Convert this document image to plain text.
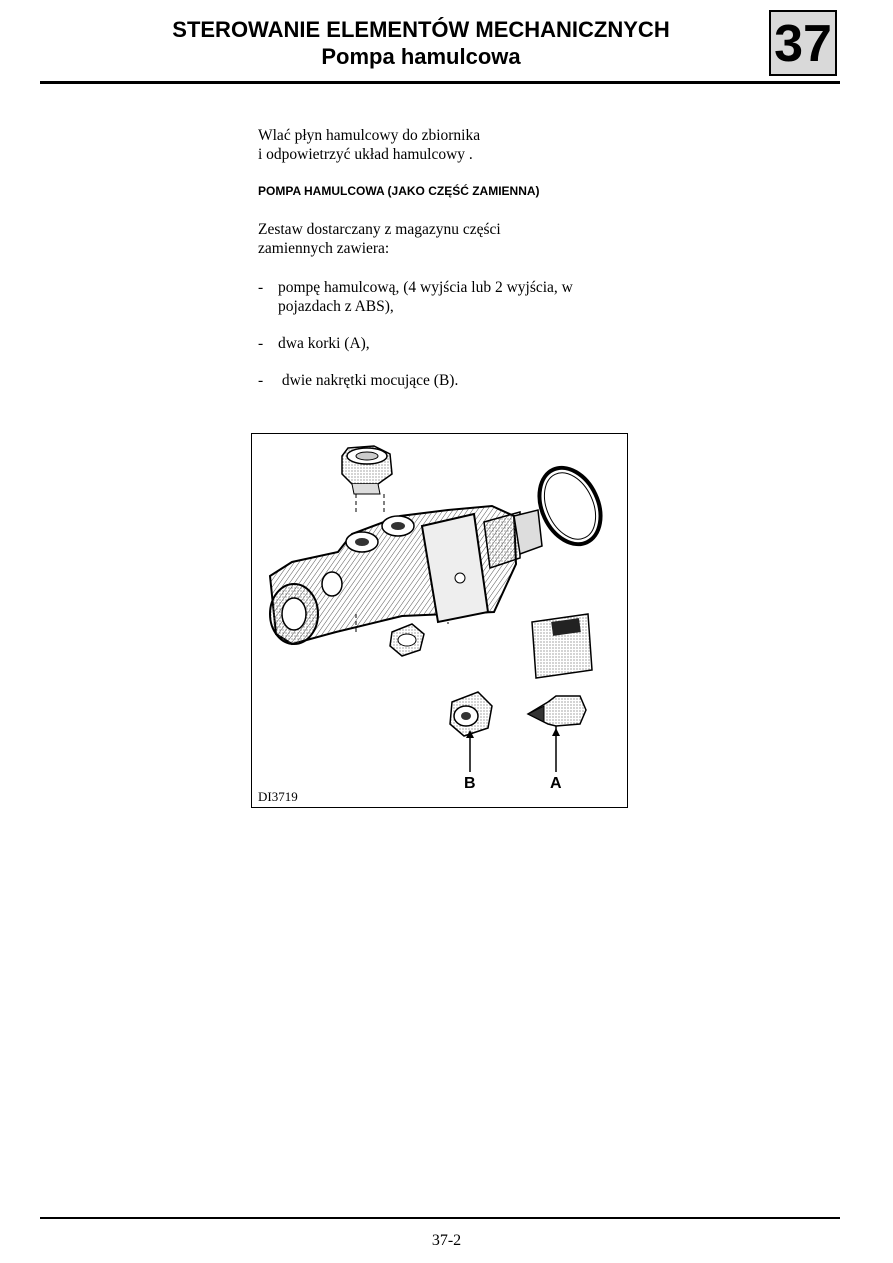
STEROWANIE ELEMENTÓW MECHANICZNYCH
Pompa hamulcowa	37
Wlać płyn hamulcowy do zbiornika
i odpowietrzyć układ hamulcowy .
POMPA HAMULCOWA (JAKO CZĘŚĆ ZAMIENNA)
Zestaw dostarczany z magazynu części
zamiennych zawiera:
- pompę hamulcową, (4 wyjścia lub 2 wyjścia, w
pojazdach z ABS),
- dwa korki (A),
- dwie nakrętki mocujące (B).
B	A
DI3719
37-2
